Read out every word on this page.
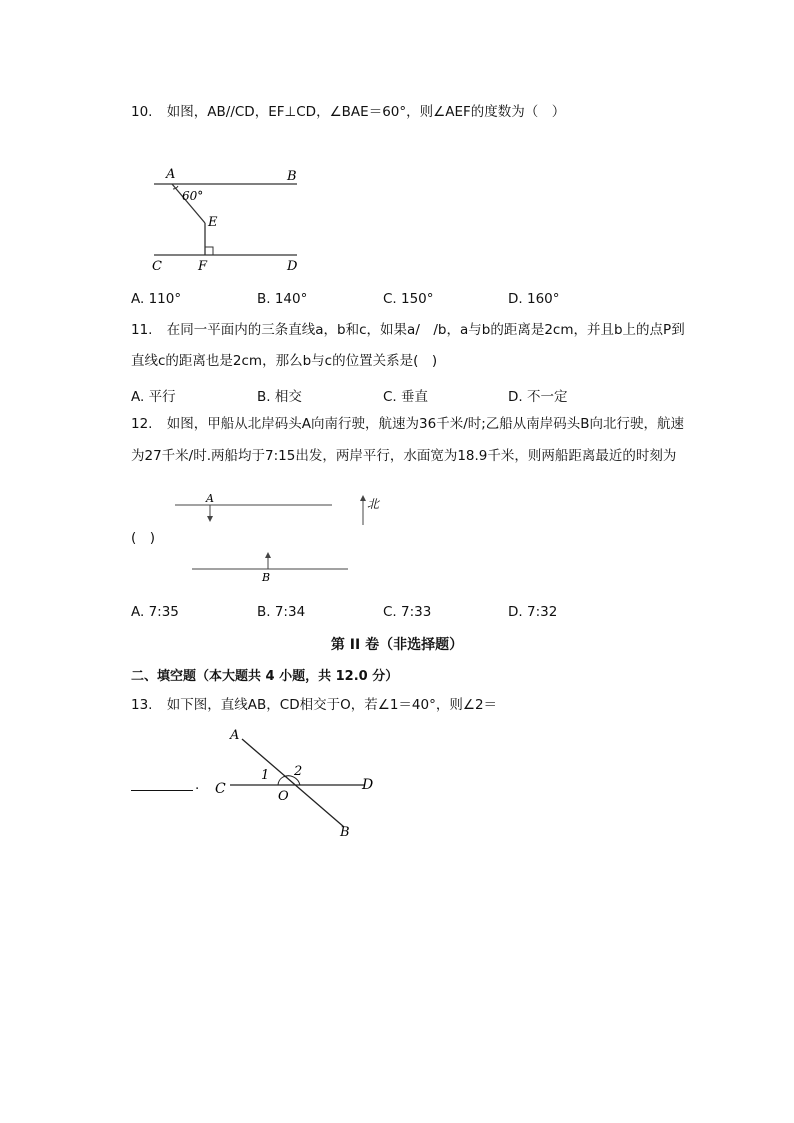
10. 如图，AB//CD，EF⊥CD，∠BAE＝60°，则∠AEF的度数为（　）
A	B
C	D
E
F
60°
A. 110°	B. 140°	C. 150°	D. 160°
11. 在同一平面内的三条直线a，b和c，如果a/　/b，a与b的距离是2cm，并且b上的点P到
直线c的距离也是2cm，那么b与c的位置关系是(　)
A. 平行	B. 相交	C. 垂直	D. 不一定
12. 如图，甲船从北岸码头A向南行驶，航速为36千米/时;乙船从南岸码头B向北行驶，航速
为27千米/时.两船均于7:15出发，两岸平行，水面宽为18.9千米，则两船距离最近的时刻为
A
B
北
(　)
A. 7:35	B. 7:34	C. 7:33	D. 7:32
第 II 卷（非选择题）
二、填空题（本大题共 4 小题，共 12.0 分）
13. 如下图，直线AB，CD相交于O，若∠1＝40°，则∠2＝
.
A
B
C	D
O
1 2
